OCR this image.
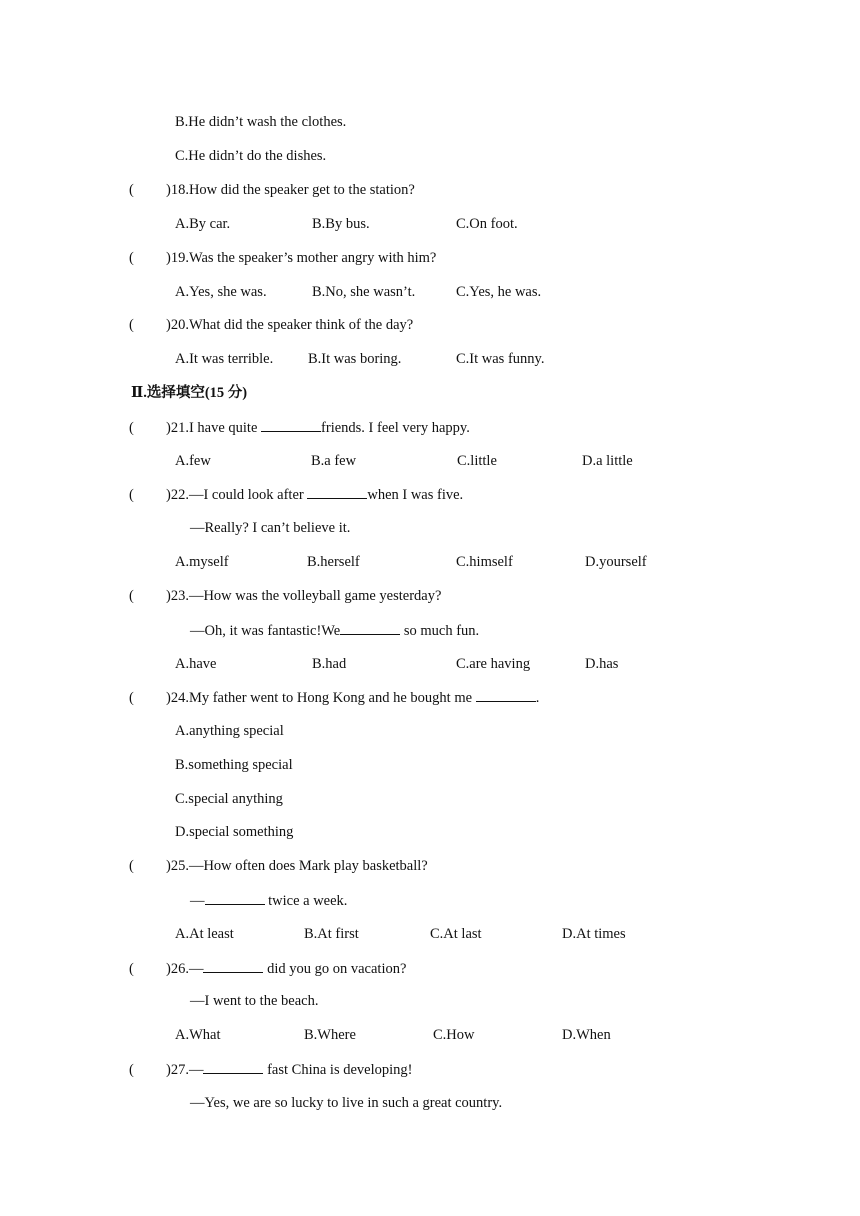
B.He didn’t wash the clothes.
C.He didn’t do the dishes.
( )18.How did the speaker get to the station?
A.By car.	B.By bus.	C.On foot.
( )19.Was the speaker’s mother angry with him?
A.Yes, she was.	B.No, she wasn’t.	C.Yes, he was.
( )20.What did the speaker think of the day?
A.It was terrible. B.It was boring.	C.It was funny.
Ⅱ.选择填空(15 分)
( )21.I have quite	friends. I feel very happy.
A.few	B.a few	C.little	D.a little
( )22.—I could look after	when I was five.
—Really? I can’t believe it.
A.myself	B.herself	C.himself	D.yourself
( )23.—How was the volleyball game yesterday?
—Oh, it was fantastic!We	so much fun.
A.have	B.had	C.are having	D.has
( )24.My father went to Hong Kong and he bought me	.
A.anything special
B.something special
C.special anything
D.special something
( )25.—How often does Mark play basketball?
—	twice a week.
A.At least	B.At first	C.At last	D.At times
( )26.—	did you go on vacation?
—I went to the beach.
A.What	B.Where	C.How	D.When
( )27.—	fast China is developing!
—Yes, we are so lucky to live in such a great country.
